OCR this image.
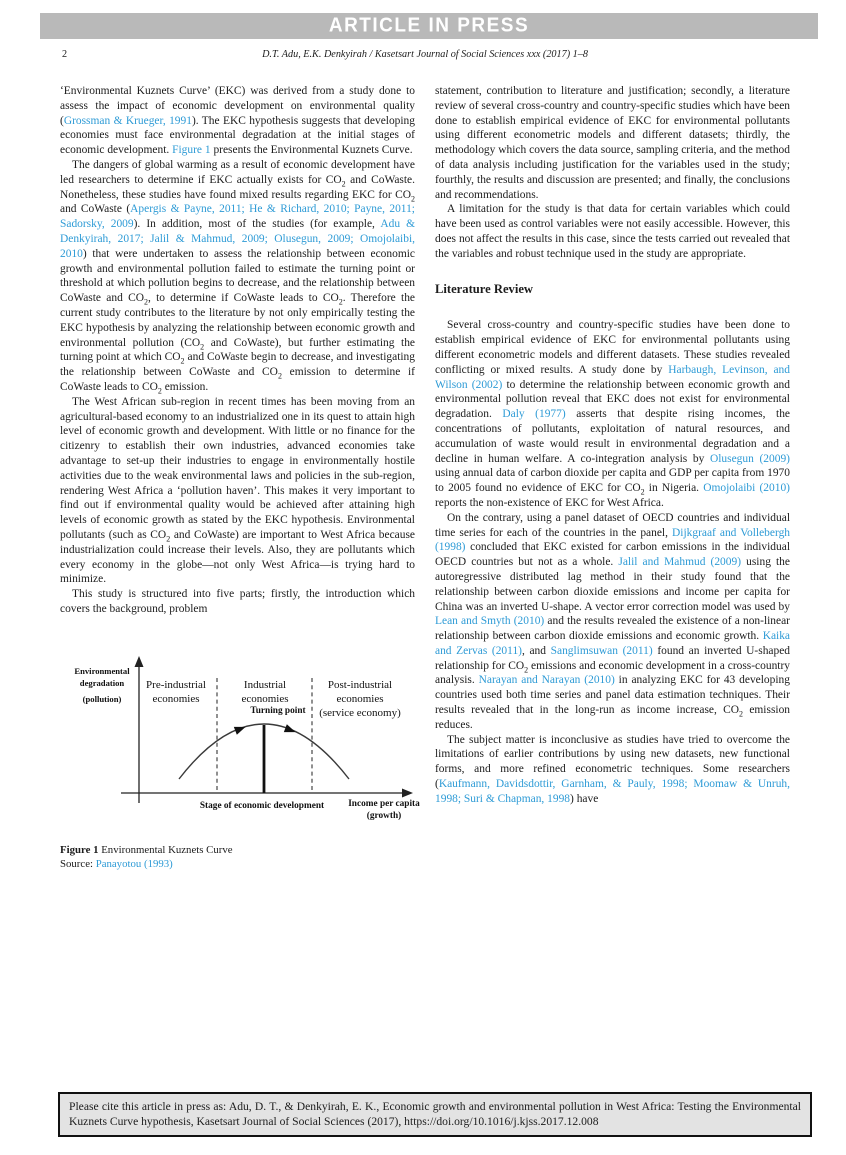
ARTICLE IN PRESS
2	D.T. Adu, E.K. Denkyirah / Kasetsart Journal of Social Sciences xxx (2017) 1–8

‘Environmental Kuznets Curve’ (EKC) was derived from a study done to assess the impact of economic development on environmental quality (Grossman & Krueger, 1991). The EKC hypothesis suggests that developing economies must face environmental degradation at the initial stages of economic development. Figure 1 presents the Environmental Kuznets Curve.

The dangers of global warming as a result of economic development have led researchers to determine if EKC actually exists for $CO_2$ and CoWaste. Nonetheless, these studies have found mixed results regarding EKC for $CO_2$ and CoWaste (Apergis & Payne, 2011; He & Richard, 2010; Payne, 2011; Sadorsky, 2009). In addition, most of the studies (for example, Adu & Denkyirah, 2017; Jalil & Mahmud, 2009; Olusegun, 2009; Omojolaibi, 2010) that were undertaken to assess the relationship between economic growth and environmental pollution failed to estimate the turning point or threshold at which pollution begins to decrease, and the relationship between CoWaste and $CO_2$, to determine if CoWaste leads to $CO_2$. Therefore the current study contributes to the literature by not only empirically testing the EKC hypothesis by analyzing the relationship between economic growth and environmental pollution ($CO_2$ and CoWaste), but further estimating the turning point at which $CO_2$ and CoWaste begin to decrease, and investigating the relationship between CoWaste and $CO_2$ emission to determine if CoWaste leads to $CO_2$ emission.

The West African sub-region in recent times has been moving from an agricultural-based economy to an industrialized one in its quest to attain high level of economic growth and development. With little or no finance for the citizenry to establish their own industries, advanced economies take advantage to set-up their industries to engage in environmentally hostile activities due to the weak environmental laws and policies in the sub-region, rendering West Africa a ‘pollution haven’. This makes it very important to find out if environmental quality would be achieved after attaining high levels of economic growth as stated by the EKC hypothesis. Environmental pollutants (such as $CO_2$ and CoWaste) are important to West Africa because industrialization could increase their levels. Also, they are pollutants which every economy in the globe—not only West Africa—is trying hard to minimize.

This study is structured into five parts; firstly, the introduction which covers the background, problem

Environmental
degradation
(pollution)
Pre-industrial
economies
Industrial
economies
Post-industrial
economies
(service economy)
Turning point
Stage of economic development	Income per capita
(growth)
Figure 1 Environmental Kuznets Curve
Source: Panayotou (1993)

statement, contribution to literature and justification; secondly, a literature review of several cross-country and country-specific studies which have been done to establish empirical evidence of EKC for environmental pollutants using different econometric models and different datasets; thirdly, the methodology which covers the data source, sampling criteria, and the method of data analysis including justification for the variables used in the study; fourthly, the results and discussion are presented; and finally, the conclusions and recommendations.

A limitation for the study is that data for certain variables which could have been used as control variables were not easily accessible. However, this does not affect the results in this case, since the tests carried out revealed that the variables and robust technique used in the study are appropriate.

Literature Review

Several cross-country and country-specific studies have been done to establish empirical evidence of EKC for environmental pollutants using different econometric models and different datasets. These studies revealed conflicting or mixed results. A study done by Harbaugh, Levinson, and Wilson (2002) to determine the relationship between economic growth and environmental pollution reveal that EKC does not exist for environmental degradation. Daly (1977) asserts that despite rising incomes, the concentrations of pollutants, exploitation of natural resources, and accumulation of waste would result in environmental degradation and a decline in human welfare. A co-integration analysis by Olusegun (2009) using annual data of carbon dioxide per capita and GDP per capita from 1970 to 2005 found no evidence of EKC for $CO_2$ in Nigeria. Omojolaibi (2010) reports the non-existence of EKC for West Africa.

On the contrary, using a panel dataset of OECD countries and individual time series for each of the countries in the panel, Dijkgraaf and Vollebergh (1998) concluded that EKC existed for carbon emissions in the individual OECD countries but not as a whole. Jalil and Mahmud (2009) using the autoregressive distributed lag method in their study found that the relationship between carbon dioxide emissions and income per capita for China was an inverted U-shape. A vector error correction model was used by Lean and Smyth (2010) and the results revealed the existence of a non-linear relationship between carbon dioxide emissions and economic growth. Kaika and Zervas (2011), and Sanglimsuwan (2011) found an inverted U-shaped relationship for $CO_2$ emissions and economic development in a cross-country analysis. Narayan and Narayan (2010) in analyzing EKC for 43 developing countries used both time series and panel data estimation techniques. Their results revealed that in the long-run as income increase, $CO_2$ emission reduces.

The subject matter is inconclusive as studies have tried to overcome the limitations of earlier contributions by using new datasets, new functional forms, and more refined econometric techniques. Some researchers (Kaufmann, Davidsdottir, Garnham, & Pauly, 1998; Moomaw & Unruh, 1998; Suri & Chapman, 1998) have

Please cite this article in press as: Adu, D. T., & Denkyirah, E. K., Economic growth and environmental pollution in West Africa: Testing the Environmental Kuznets Curve hypothesis, Kasetsart Journal of Social Sciences (2017), https://doi.org/10.1016/j.kjss.2017.12.008
